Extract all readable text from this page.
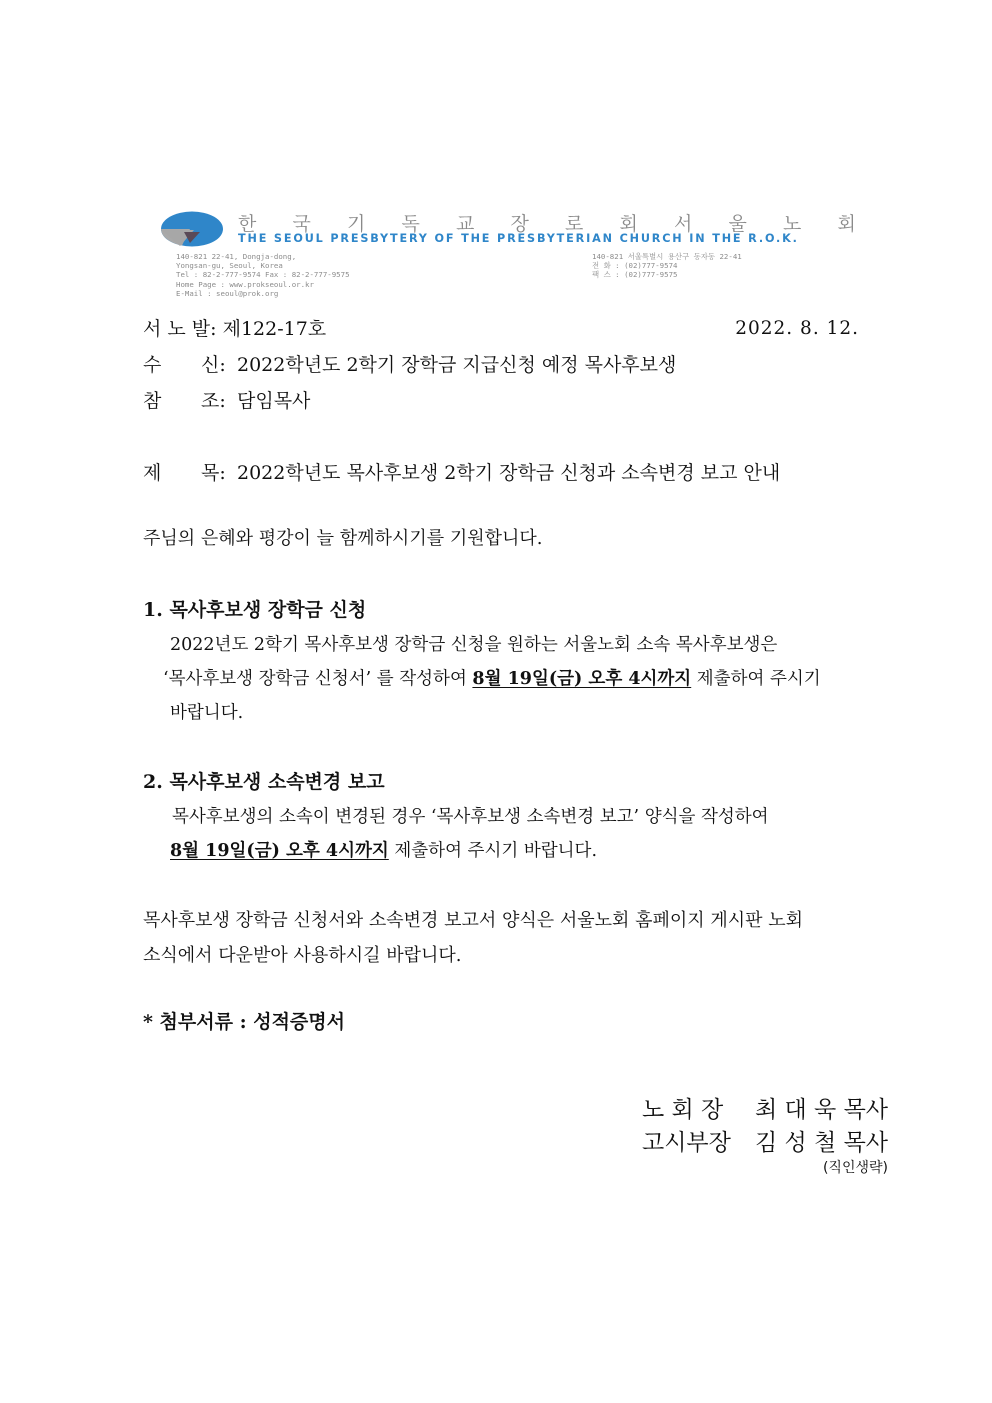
한 국 기 독 교 장 로 회 서 울 노 회
THE SEOUL PRESBYTERY OF THE PRESBYTERIAN CHURCH IN THE R.O.K.
140-821 22-41, Dongja-dong,
Yongsan-gu, Seoul, Korea
Tel : 82-2-777-9574 Fax : 82-2-777-9575
Home Page : www.prokseoul.or.kr
E-Mail : seoul@prok.org
140-821 서울특별시 용산구 동자동 22-41
전 화 : (02)777-9574
팩 스 : (02)777-9575
서 노 발: 제122-17호	2022. 8. 12.
수 신: 2022학년도 2학기 장학금 지급신청 예정 목사후보생
참 조: 담임목사
제 목: 2022학년도 목사후보생 2학기 장학금 신청과 소속변경 보고 안내
주님의 은혜와 평강이 늘 함께하시기를 기원합니다.
1. 목사후보생 장학금 신청
2022년도 2학기 목사후보생 장학금 신청을 원하는 서울노회 소속 목사후보생은
‘목사후보생 장학금 신청서’ 를 작성하여 8월 19일(금) 오후 4시까지 제출하여 주시기
바랍니다.
2. 목사후보생 소속변경 보고
목사후보생의 소속이 변경된 경우 ‘목사후보생 소속변경 보고’ 양식을 작성하여
8월 19일(금) 오후 4시까지 제출하여 주시기 바랍니다.
목사후보생 장학금 신청서와 소속변경 보고서 양식은 서울노회 홈페이지 게시판 노회
소식에서 다운받아 사용하시길 바랍니다.
* 첨부서류 : 성적증명서
노 회 장 최 대 욱 목사
고시부장 김 성 철 목사
(직인생략)
